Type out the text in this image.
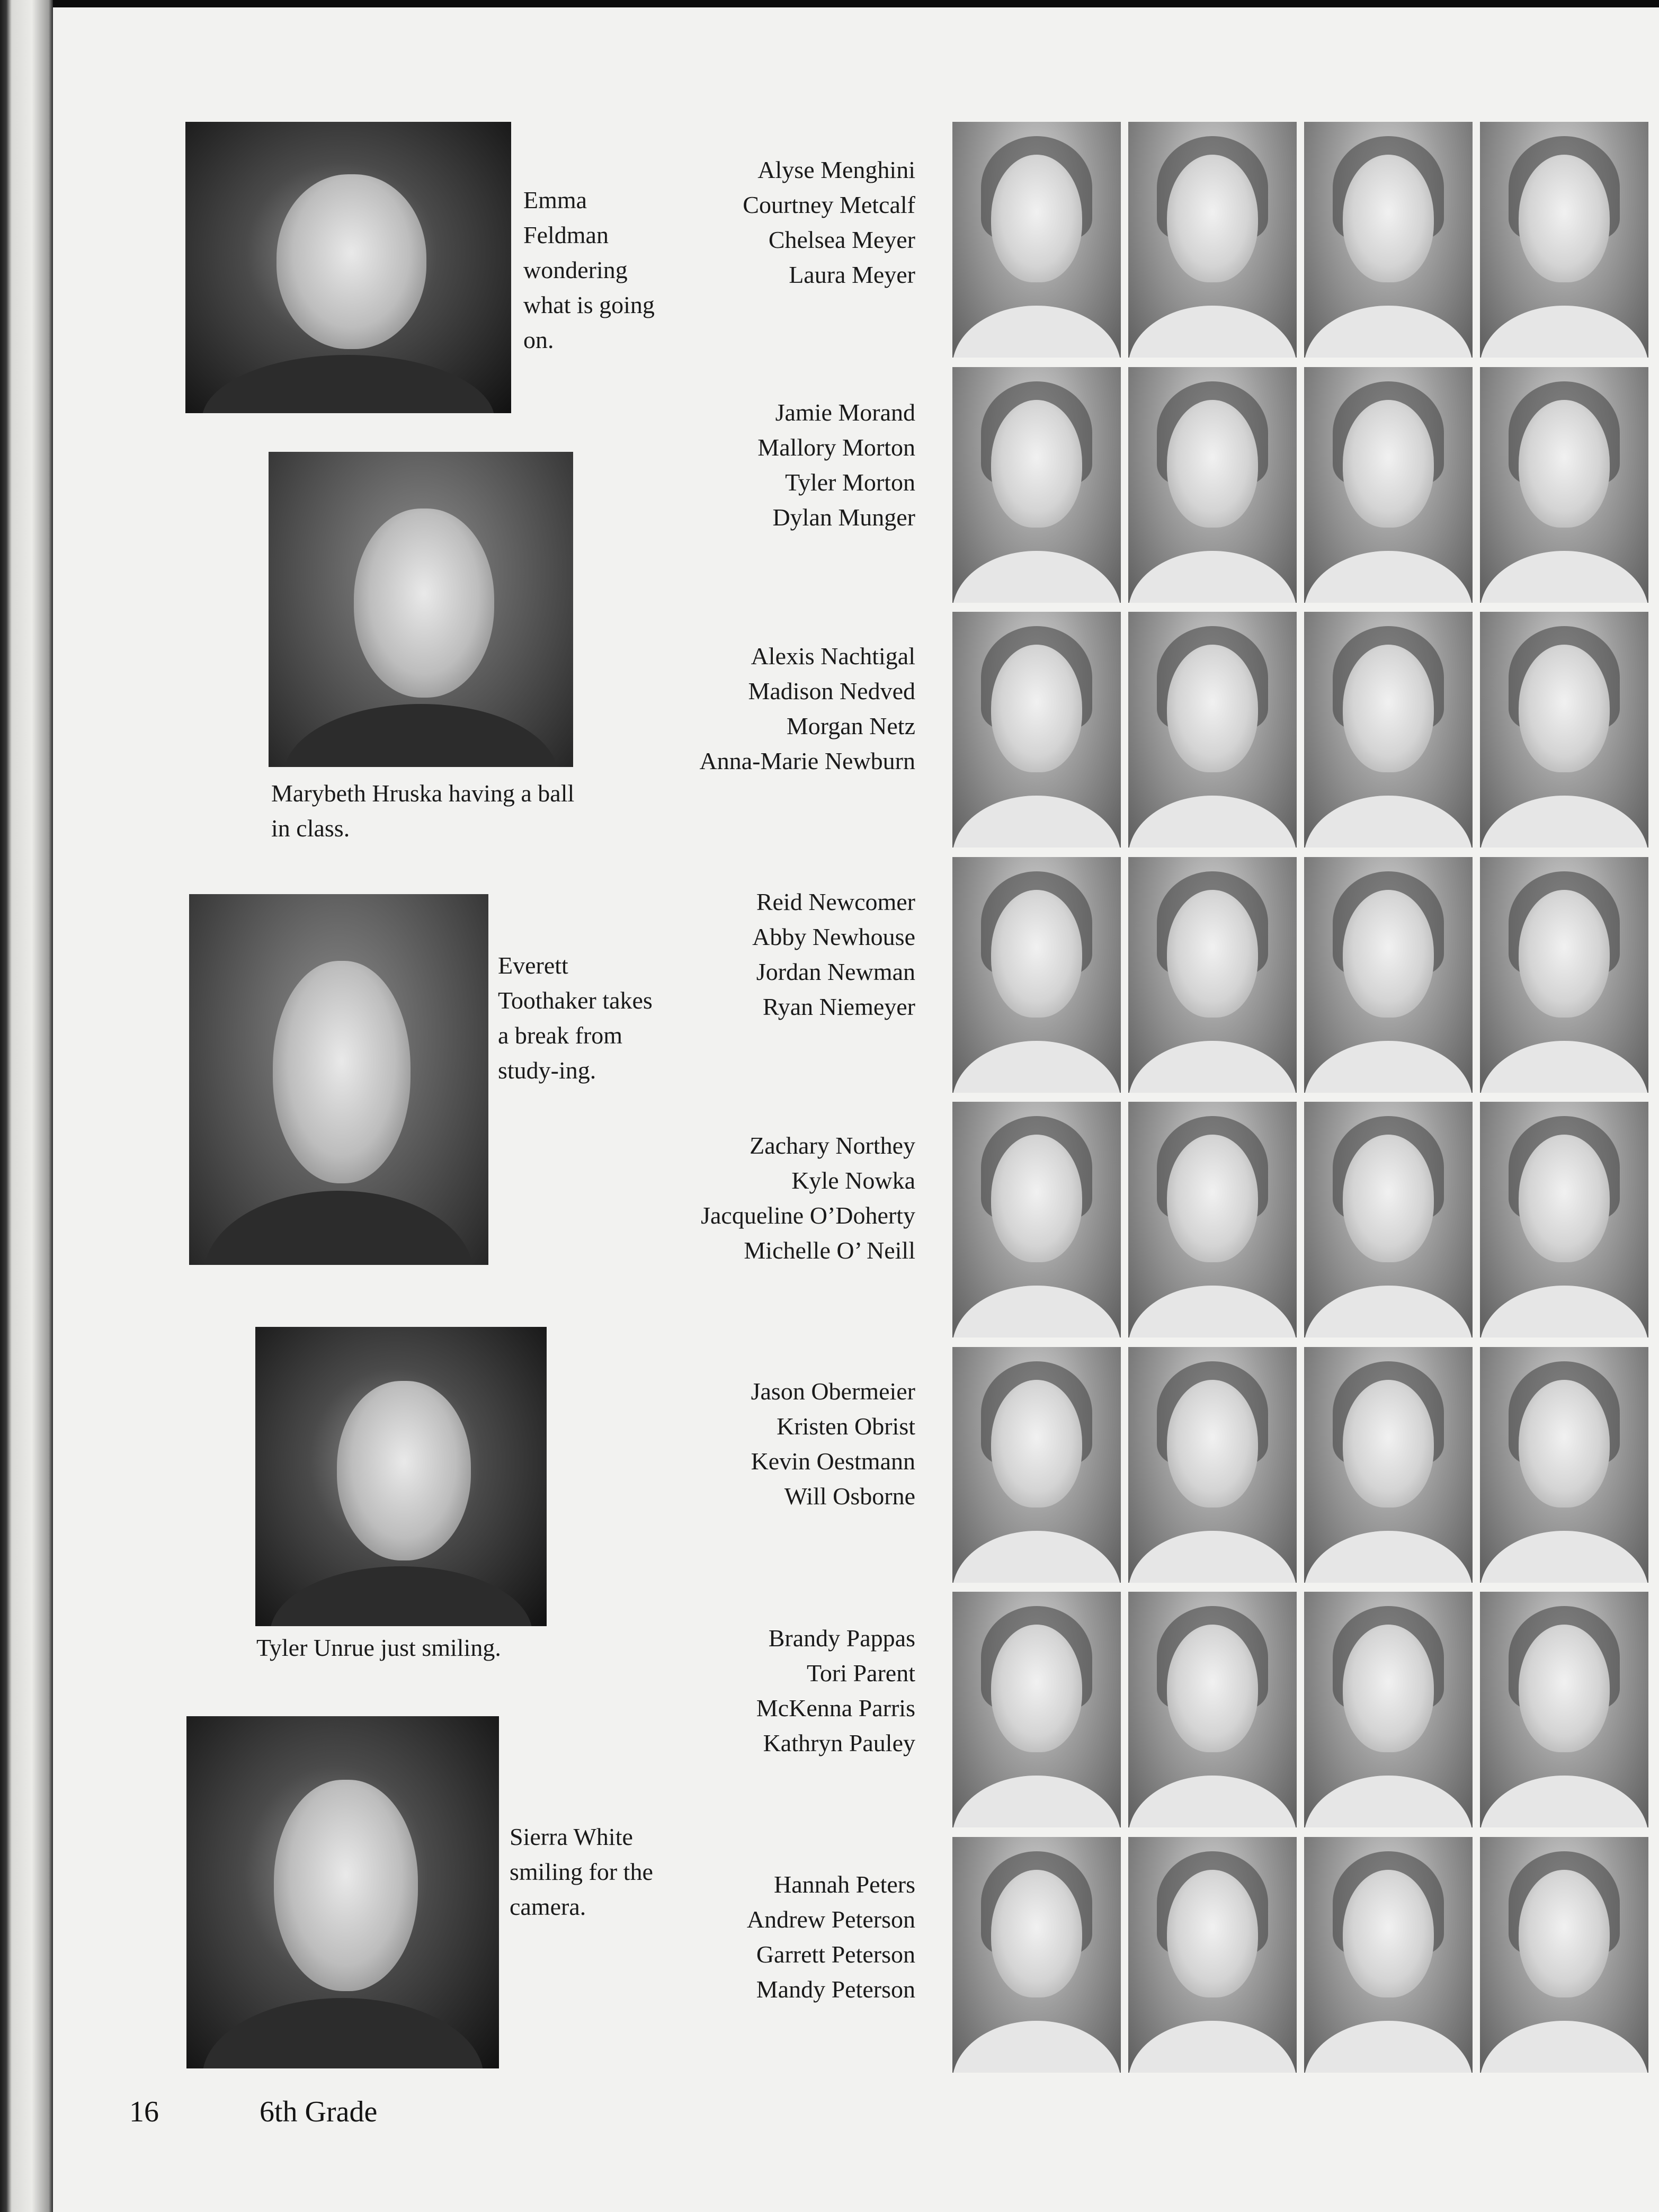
Emma Feldman wondering what is going on.
Marybeth Hruska having a ball in class.
Everett Toothaker takes a break from study-ing.
Tyler Unrue just smiling.
Sierra White smiling for the camera.
Alyse Menghini
Courtney Metcalf
Chelsea Meyer
Laura Meyer
Jamie Morand
Mallory Morton
Tyler Morton
Dylan Munger
Alexis Nachtigal
Madison Nedved
Morgan Netz
Anna-Marie Newburn
Reid Newcomer
Abby Newhouse
Jordan Newman
Ryan Niemeyer
Zachary Northey
Kyle Nowka
Jacqueline O’Doherty
Michelle O’ Neill
Jason Obermeier
Kristen Obrist
Kevin Oestmann
Will Osborne
Brandy Pappas
Tori Parent
McKenna Parris
Kathryn Pauley
Hannah Peters
Andrew Peterson
Garrett Peterson
Mandy Peterson
16	6th Grade
